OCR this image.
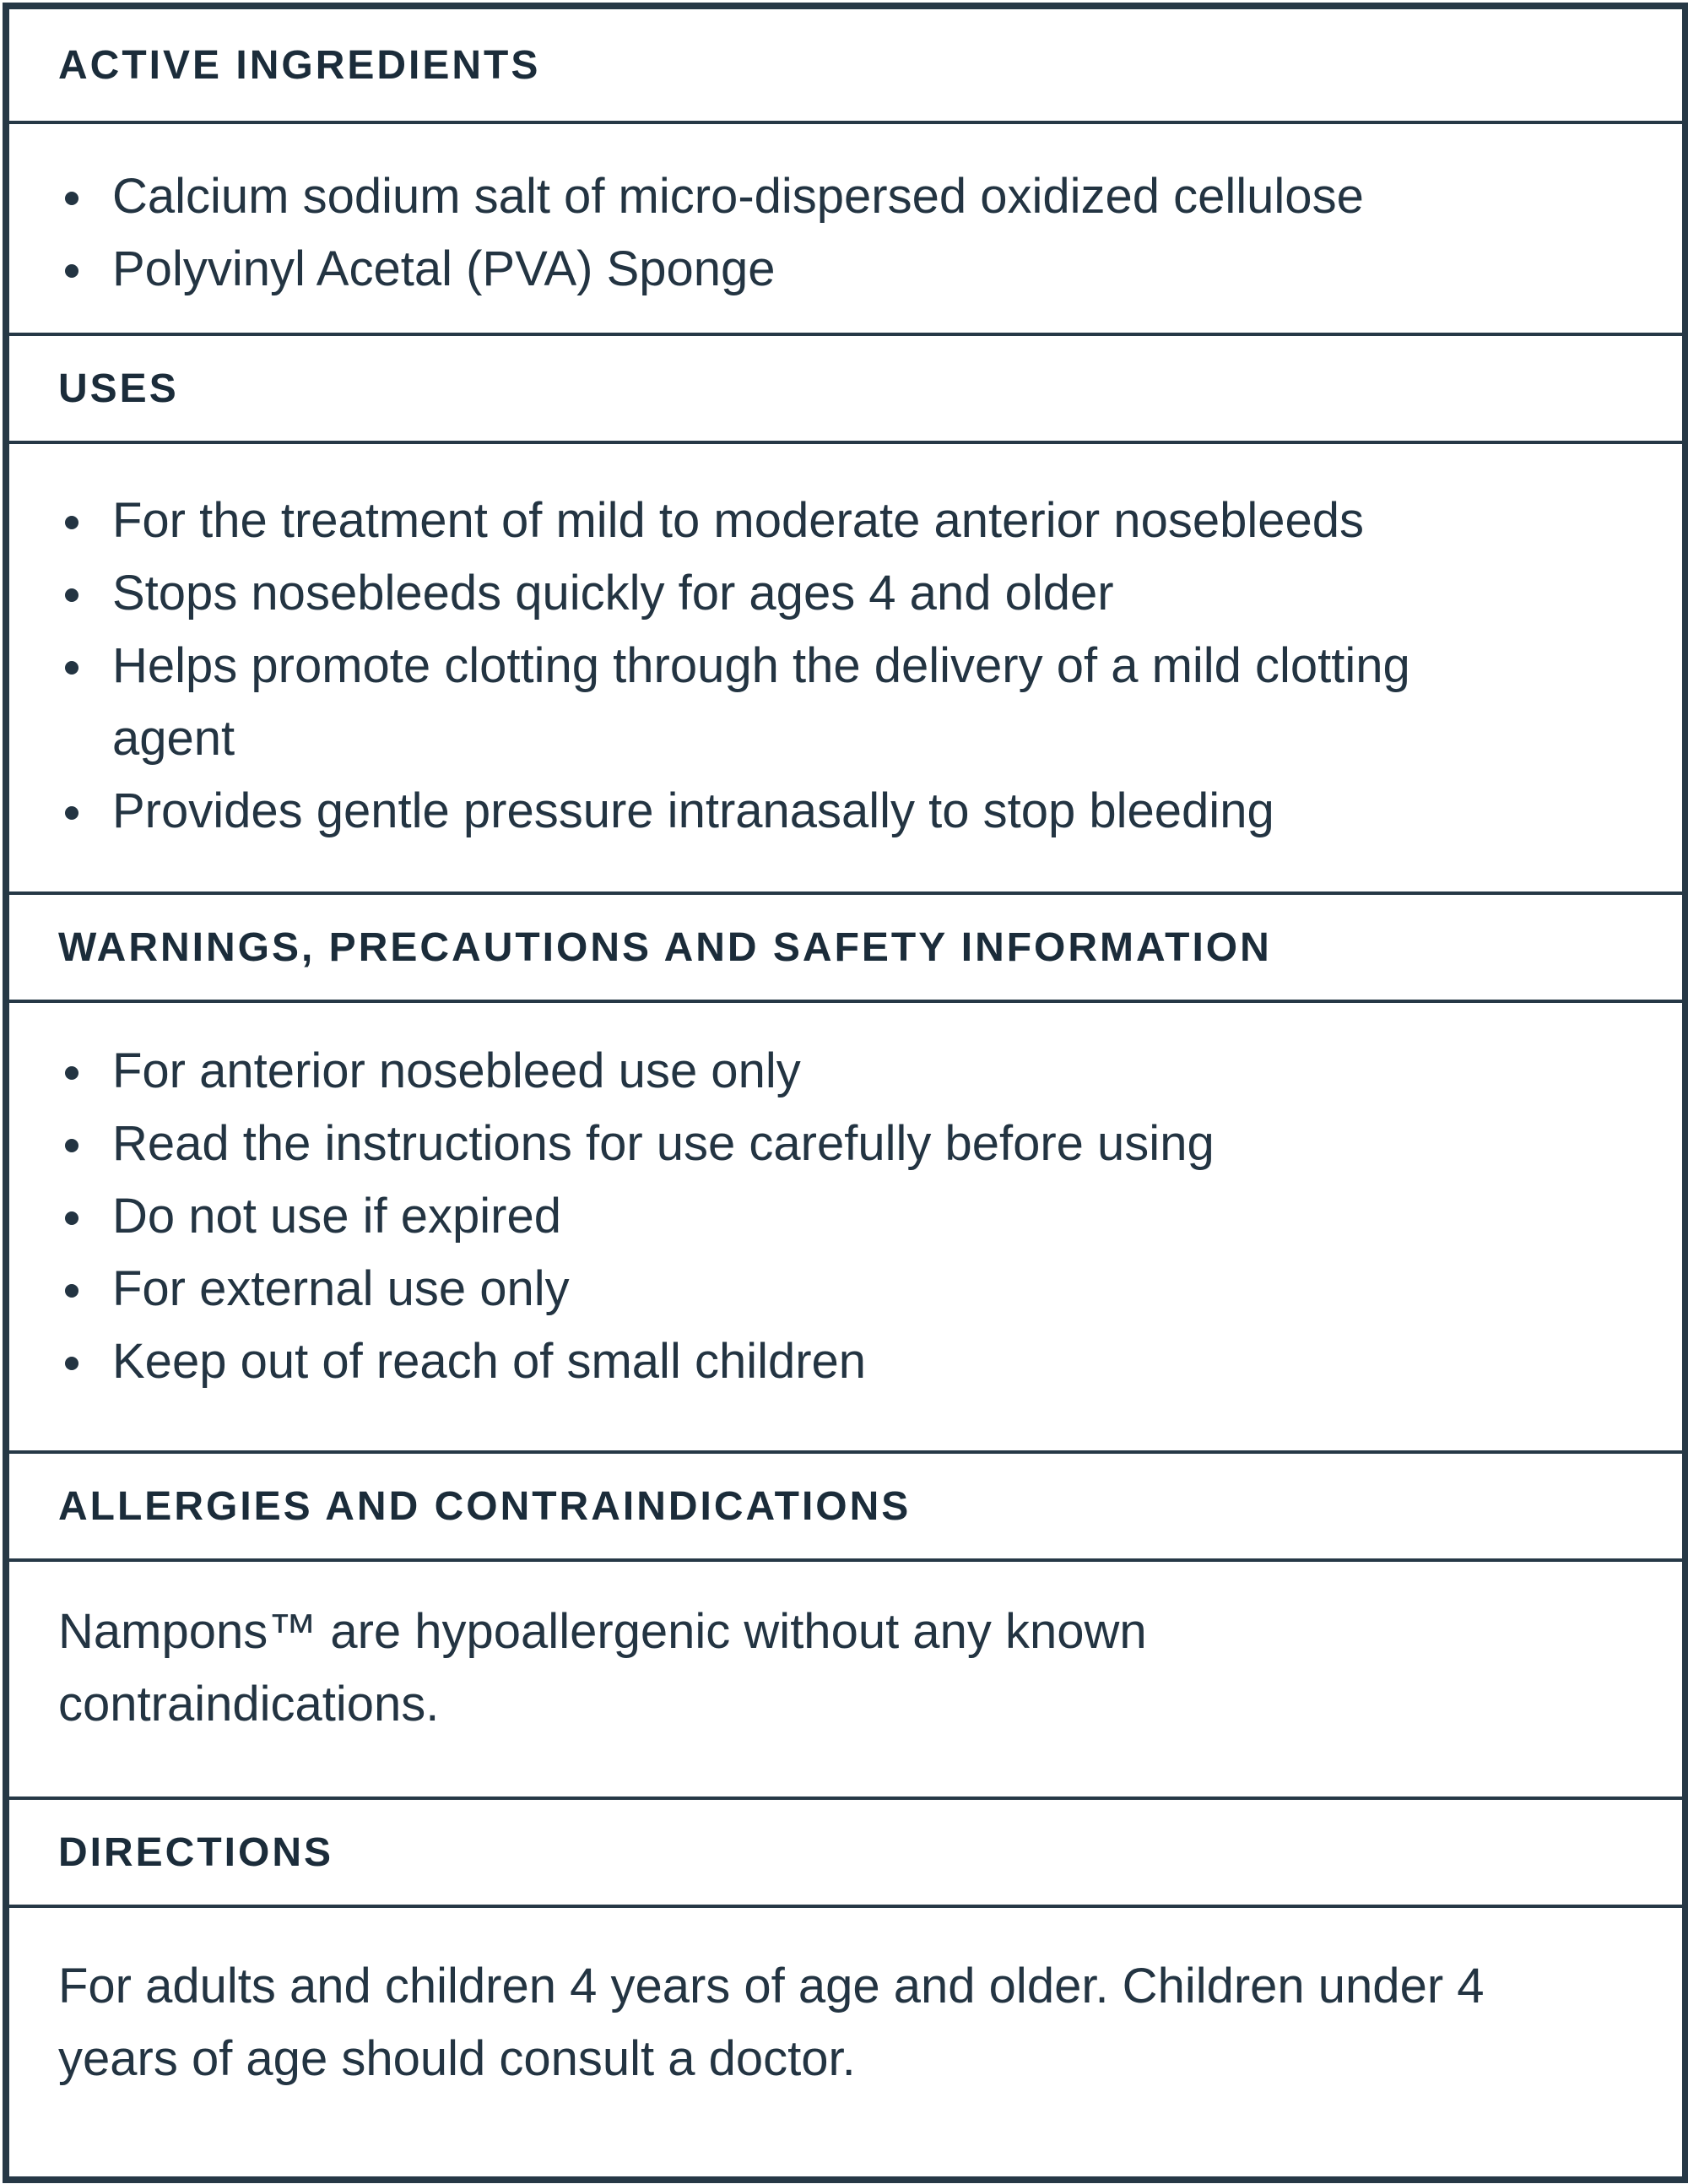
ACTIVE INGREDIENTS
Calcium sodium salt of micro-dispersed oxidized cellulose
Polyvinyl Acetal (PVA) Sponge
USES
For the treatment of mild to moderate anterior nosebleeds
Stops nosebleeds quickly for ages 4 and older
Helps promote clotting through the delivery of a mild clotting agent
Provides gentle pressure intranasally to stop bleeding
WARNINGS, PRECAUTIONS AND SAFETY INFORMATION
For anterior nosebleed use only
Read the instructions for use carefully before using
Do not use if expired
For external use only
Keep out of reach of small children
ALLERGIES AND CONTRAINDICATIONS

Nampons™ are hypoallergenic without any known contraindications.

DIRECTIONS

For adults and children 4 years of age and older. Children under 4 years of age should consult a doctor.
